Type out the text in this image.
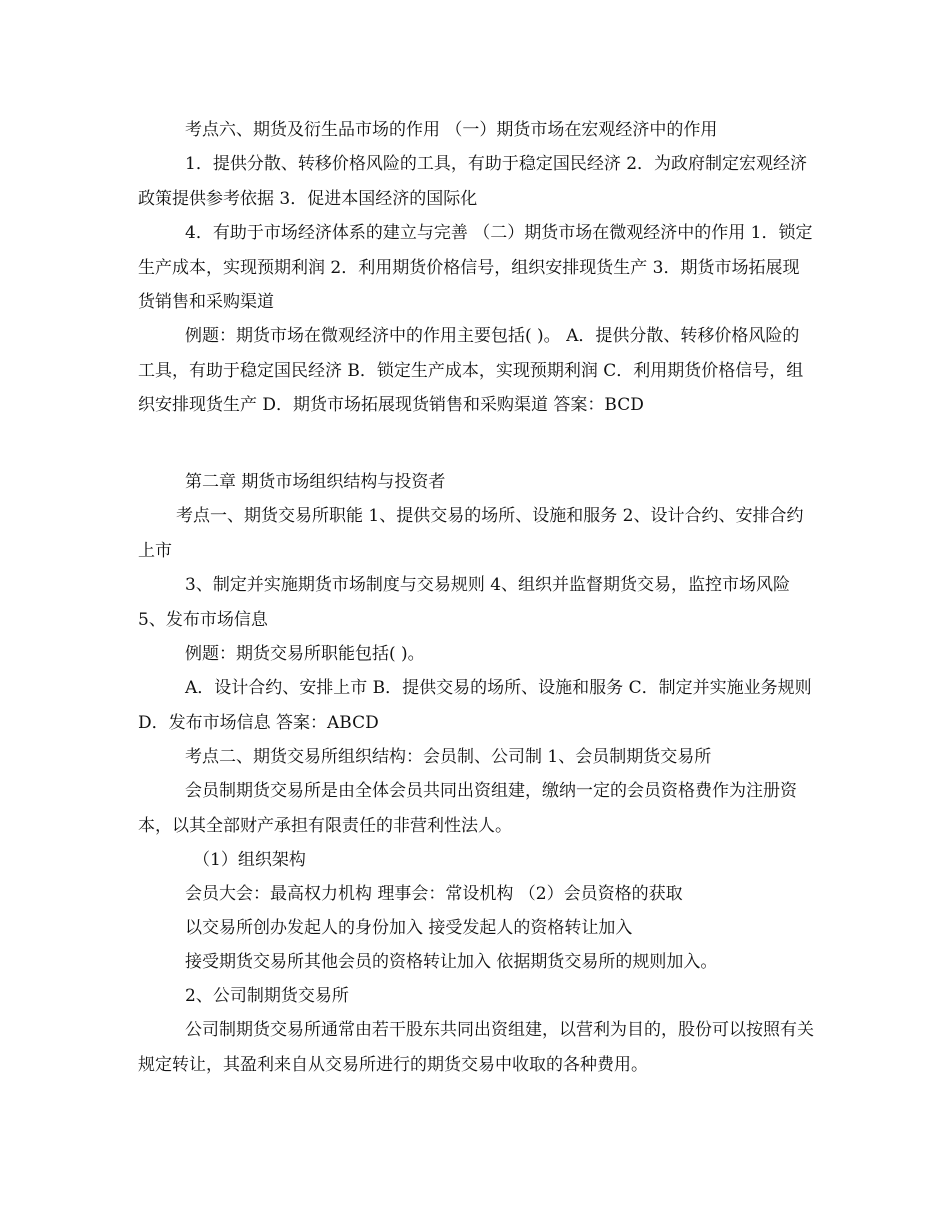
考点六、期货及衍生品市场的作用 （一）期货市场在宏观经济中的作用
1．提供分散、转移价格风险的工具，有助于稳定国民经济 2．为政府制定宏观经济政策提供参考依据 3．促进本国经济的国际化
4．有助于市场经济体系的建立与完善 （二）期货市场在微观经济中的作用 1．锁定生产成本，实现预期利润 2．利用期货价格信号，组织安排现货生产 3．期货市场拓展现货销售和采购渠道
例题：期货市场在微观经济中的作用主要包括( )。 A．提供分散、转移价格风险的工具，有助于稳定国民经济 B．锁定生产成本，实现预期利润 C．利用期货价格信号，组织安排现货生产 D．期货市场拓展现货销售和采购渠道 答案：BCD
第二章 期货市场组织结构与投资者
考点一、期货交易所职能 1、提供交易的场所、设施和服务 2、设计合约、安排合约上市
3、制定并实施期货市场制度与交易规则 4、组织并监督期货交易，监控市场风险 5、发布市场信息
例题：期货交易所职能包括( )。
A．设计合约、安排上市 B．提供交易的场所、设施和服务 C．制定并实施业务规则 D．发布市场信息 答案：ABCD
考点二、期货交易所组织结构：会员制、公司制 1、会员制期货交易所
会员制期货交易所是由全体会员共同出资组建，缴纳一定的会员资格费作为注册资本，以其全部财产承担有限责任的非营利性法人。
（1）组织架构
会员大会：最高权力机构 理事会：常设机构 （2）会员资格的获取
以交易所创办发起人的身份加入 接受发起人的资格转让加入
接受期货交易所其他会员的资格转让加入 依据期货交易所的规则加入。
2、公司制期货交易所
公司制期货交易所通常由若干股东共同出资组建，以营利为目的，股份可以按照有关规定转让，其盈利来自从交易所进行的期货交易中收取的各种费用。
